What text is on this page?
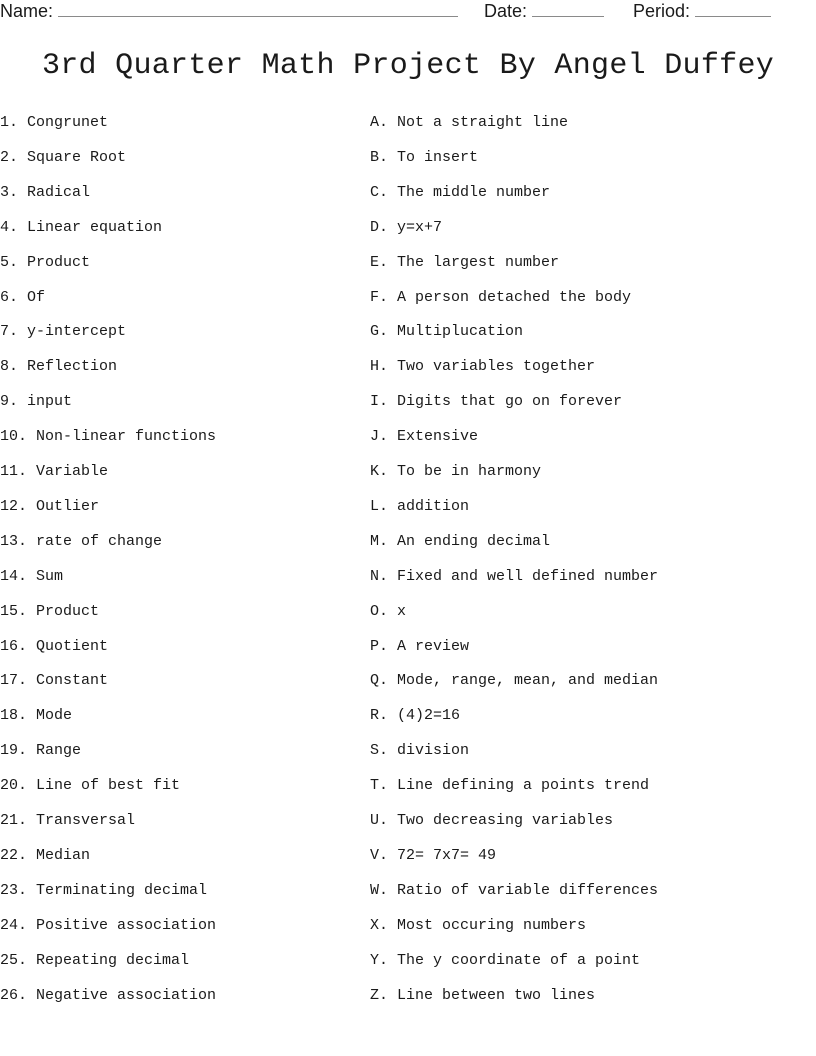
Name:	Date:	Period:
3rd Quarter Math Project By Angel Duffey
1. Congrunet	A. Not a straight line
2. Square Root	B. To insert
3. Radical	C. The middle number
4. Linear equation	D. y=x+7
5. Product	E. The largest number
6. Of	F. A person detached the body
7. y-intercept	G. Multiplucation
8. Reflection	H. Two variables together
9. input	I. Digits that go on forever
10. Non-linear functions	J. Extensive
11. Variable	K. To be in harmony
12. Outlier	L. addition
13. rate of change	M. An ending decimal
14. Sum	N. Fixed and well defined number
15. Product	O. x
16. Quotient	P. A review
17. Constant	Q. Mode, range, mean, and median
18. Mode	R. (4)2=16
19. Range	S. division
20. Line of best fit	T. Line defining a points trend
21. Transversal	U. Two decreasing variables
22. Median	V. 72= 7x7= 49
23. Terminating decimal	W. Ratio of variable differences
24. Positive association	X. Most occuring numbers
25. Repeating decimal	Y. The y coordinate of a point
26. Negative association	Z. Line between two lines
